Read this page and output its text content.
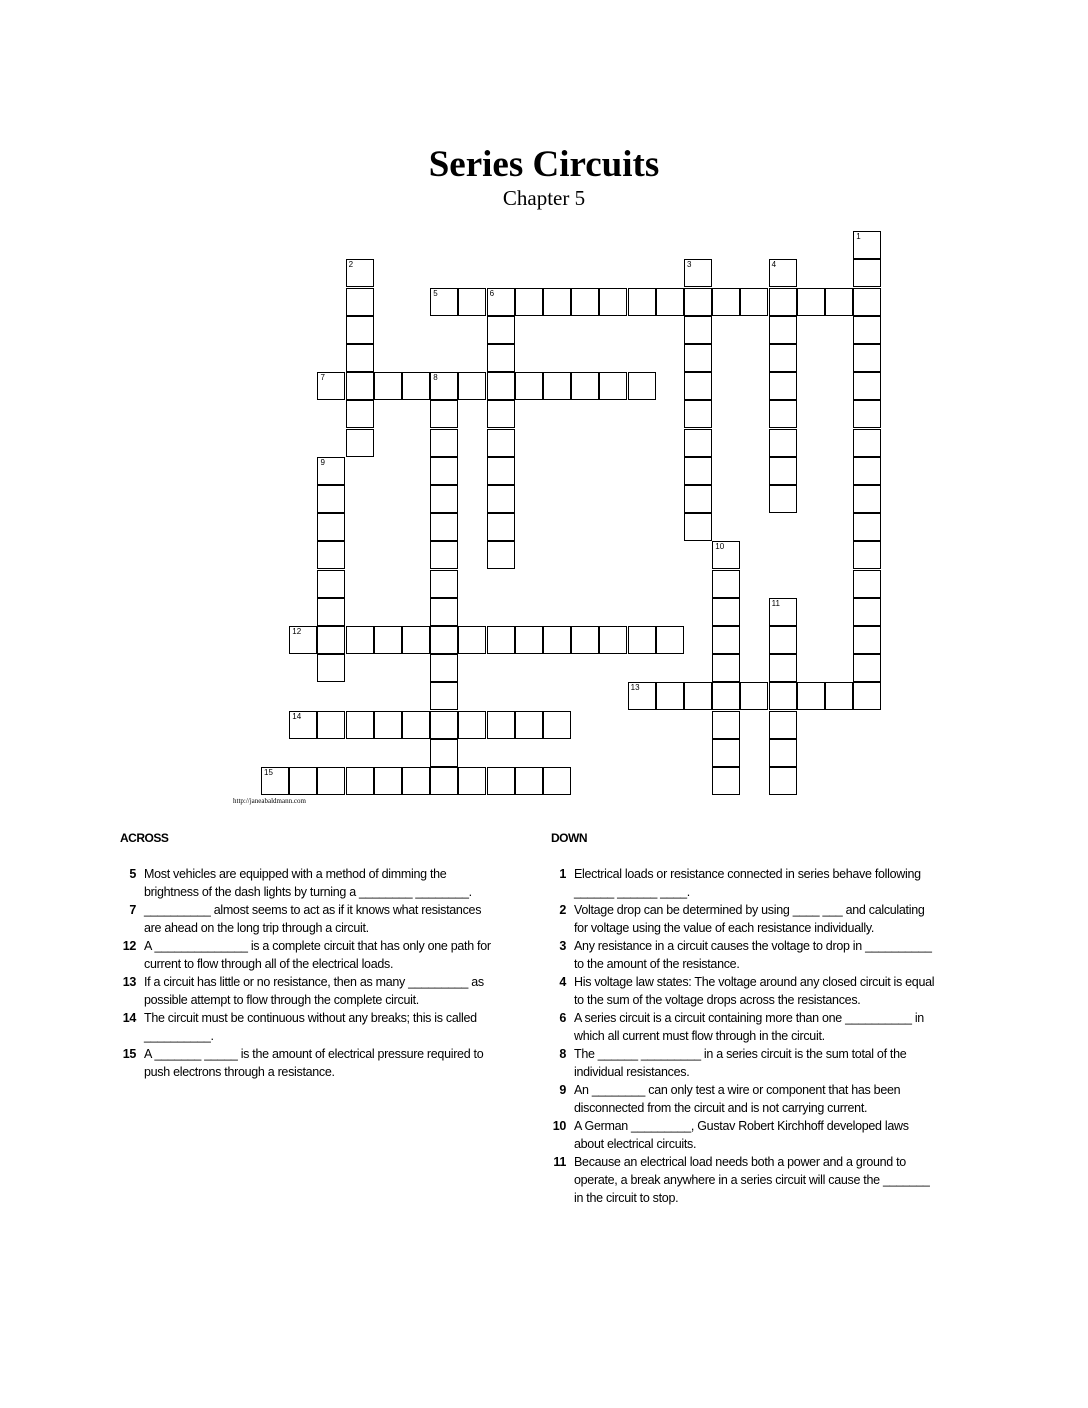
Series Circuits
Chapter 5
1
2	3	4
5	6
7	8
9
10
11
12
13
14
15
http://janeabaldmann.com
ACROSS	DOWN
5 Most vehicles are equipped with a method of dimming the brightness of the dash lights by turning a ________ ________.
7 __________ almost seems to act as if it knows what resistances are ahead on the long trip through a circuit.
12 A ______________ is a complete circuit that has only one path for current to flow through all of the electrical loads.
13 If a circuit has little or no resistance, then as many _________ as possible attempt to flow through the complete circuit.
14 The circuit must be continuous without any breaks; this is called __________.
15 A _______ _____ is the amount of electrical pressure required to push electrons through a resistance.
1 Electrical loads or resistance connected in series behave following ______ ______ ____.
2 Voltage drop can be determined by using ____ ___ and calculating for voltage using the value of each resistance individually.
3 Any resistance in a circuit causes the voltage to drop in __________ to the amount of the resistance.
4 His voltage law states: The voltage around any closed circuit is equal to the sum of the voltage drops across the resistances.
6 A series circuit is a circuit containing more than one __________ in which all current must flow through in the circuit.
8 The ______ _________ in a series circuit is the sum total of the individual resistances.
9 An ________ can only test a wire or component that has been disconnected from the circuit and is not carrying current.
10 A German _________, Gustav Robert Kirchhoff developed laws about electrical circuits.
11 Because an electrical load needs both a power and a ground to operate, a break anywhere in a series circuit will cause the _______ in the circuit to stop.
